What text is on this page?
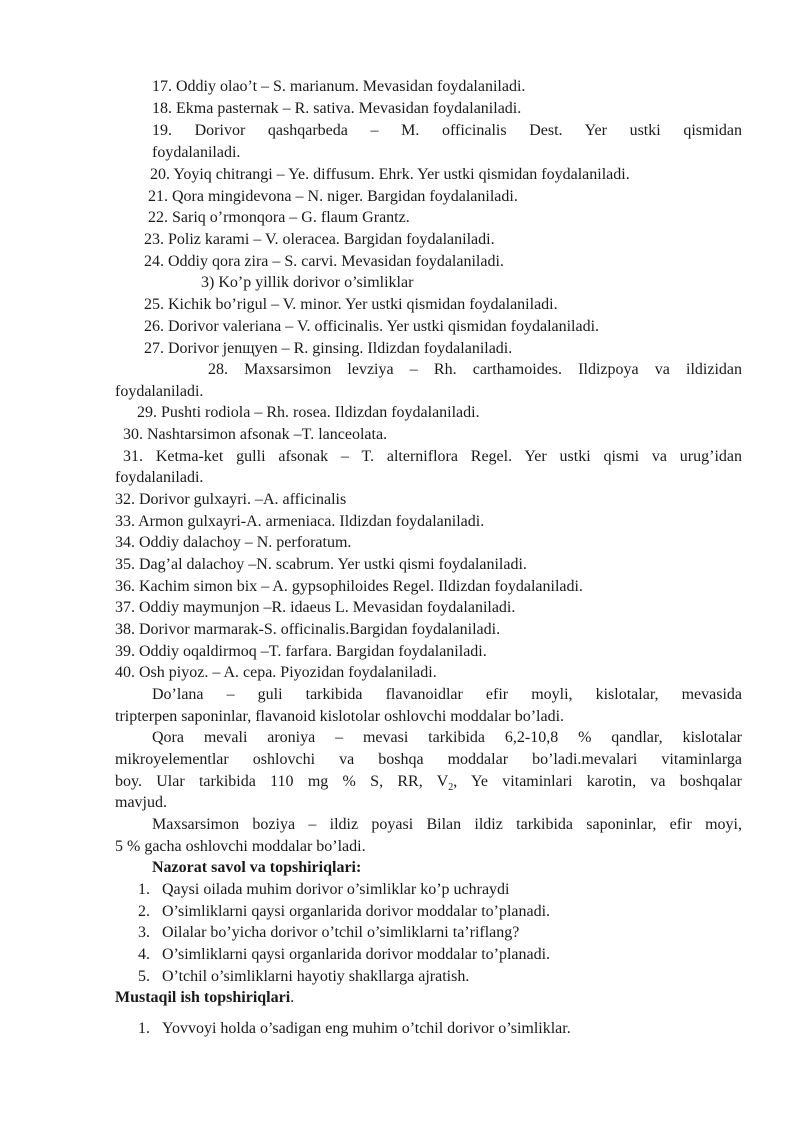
17. Oddiy olao’t – S. marianum. Mevasidan foydalaniladi.
18. Ekma pasternak – R. sativa. Mevasidan foydalaniladi.
19. Dorivor qashqarbeda – M. officinalis Dest. Yer ustki qismidan
foydalaniladi.
20. Yoyiq chitrangi – Ye. diffusum. Ehrk. Yer ustki qismidan foydalaniladi.
21. Qora mingidevona – N. niger. Bargidan foydalaniladi.
22. Sariq o’rmonqora – G. flaum Grantz.
23. Poliz karami – V. oleracea. Bargidan foydalaniladi.
24. Oddiy qora zira – S. carvi. Mevasidan foydalaniladi.
3) Ko’p yillik dorivor o’simliklar
25. Kichik bo’rigul – V. minor. Yer ustki qismidan foydalaniladi.
26. Dorivor valeriana – V. officinalis. Yer ustki qismidan foydalaniladi.
27. Dorivor jenщyen – R. ginsing. Ildizdan foydalaniladi.
28. Maxsarsimon levziya – Rh. carthamoides. Ildizpoya va ildizidan
foydalaniladi.
29. Pushti rodiola – Rh. rosea. Ildizdan foydalaniladi.
30. Nashtarsimon afsonak –T. lanceolata.
31. Ketma-ket gulli afsonak – T. alterniflora Regel. Yer ustki qismi va urug’idan
foydalaniladi.
32. Dorivor gulxayri. –A. afficinalis
33. Armon gulxayri-A. armeniaca. Ildizdan foydalaniladi.
34. Oddiy dalachoy – N. perforatum.
35. Dag’al dalachoy –N. scabrum. Yer ustki qismi foydalaniladi.
36. Kachim simon bix – A. gypsophiloides Regel. Ildizdan foydalaniladi.
37. Oddiy maymunjon –R. idaeus L. Mevasidan foydalaniladi.
38. Dorivor marmarak-S. officinalis.Bargidan foydalaniladi.
39. Oddiy oqaldirmoq –T. farfara. Bargidan foydalaniladi.
40. Osh piyoz. – A. cepa. Piyozidan foydalaniladi.
Do’lana – guli tarkibida flavanoidlar efir moyli, kislotalar, mevasida
tripterpen saponinlar, flavanoid kislotolar oshlovchi moddalar bo’ladi.
Qora mevali aroniya – mevasi tarkibida 6,2-10,8 % qandlar, kislotalar
mikroyelementlar oshlovchi va boshqa moddalar bo’ladi.mevalari vitaminlarga
boy. Ular tarkibida 110 mg % S, RR, $V_2$, Ye vitaminlari karotin, va boshqalar
mavjud.
Maxsarsimon boziya – ildiz poyasi Bilan ildiz tarkibida saponinlar, efir moyi,
5 % gacha oshlovchi moddalar bo’ladi.
Nazorat savol va topshiriqlari:
1. Qaysi oilada muhim dorivor o’simliklar ko’p uchraydi
2. O’simliklarni qaysi organlarida dorivor moddalar to’planadi.
3. Oilalar bo’yicha dorivor o’tchil o’simliklarni ta’riflang?
4. O’simliklarni qaysi organlarida dorivor moddalar to’planadi.
5. O’tchil o’simliklarni hayotiy shakllarga ajratish.
Mustaqil ish topshiriqlari.
1. Yovvoyi holda o’sadigan eng muhim o’tchil dorivor o’simliklar.
